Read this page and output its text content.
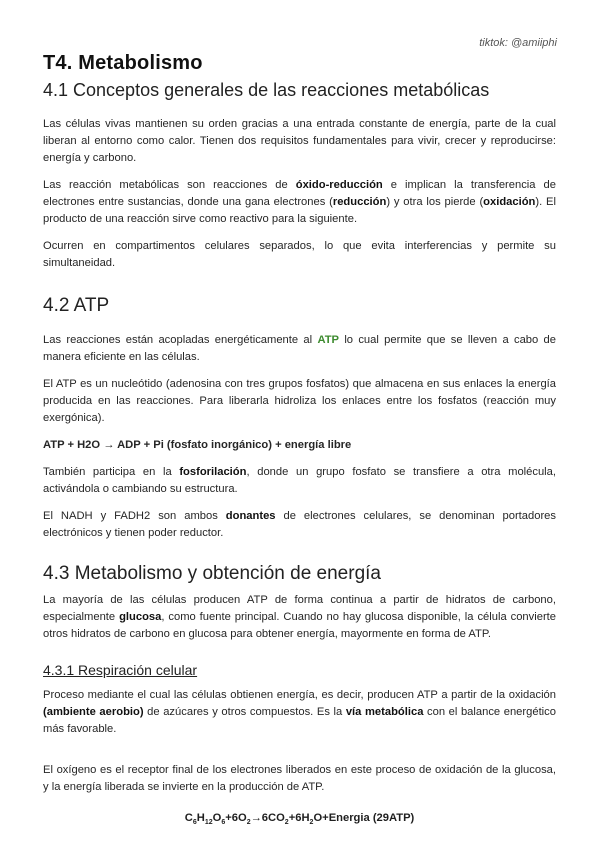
tiktok: @amiiphi
T4. Metabolismo
4.1 Conceptos generales de las reacciones metabólicas

Las células vivas mantienen su orden gracias a una entrada constante de energía, parte de la cual liberan al entorno como calor. Tienen dos requisitos fundamentales para vivir, crecer y reproducirse: energía y carbono.

Las reacción metabólicas son reacciones de óxido-reducción e implican la transferencia de electrones entre sustancias, donde una gana electrones (reducción) y otra los pierde (oxidación). El producto de una reacción sirve como reactivo para la siguiente.

Ocurren en compartimentos celulares separados, lo que evita interferencias y permite su simultaneidad.

4.2 ATP

Las reacciones están acopladas energéticamente al ATP lo cual permite que se lleven a cabo de manera eficiente en las células.

El ATP es un nucleótido (adenosina con tres grupos fosfatos) que almacena en sus enlaces la energía producida en las reacciones. Para liberarla hidroliza los enlaces entre los fosfatos (reacción muy exergónica).

ATP + H2O → ADP + Pi (fosfato inorgánico) + energía libre

También participa en la fosforilación, donde un grupo fosfato se transfiere a otra molécula, activándola o cambiando su estructura.

El NADH y FADH2 son ambos donantes de electrones celulares, se denominan portadores electrónicos y tienen poder reductor.

4.3 Metabolismo y obtención de energía

La mayoría de las células producen ATP de forma continua a partir de hidratos de carbono, especialmente glucosa, como fuente principal. Cuando no hay glucosa disponible, la célula convierte otros hidratos de carbono en glucosa para obtener energía, mayormente en forma de ATP.

4.3.1 Respiración celular

Proceso mediante el cual las células obtienen energía, es decir, producen ATP a partir de la oxidación (ambiente aerobio) de azúcares y otros compuestos. Es la vía metabólica con el balance energético más favorable.

El oxígeno es el receptor final de los electrones liberados en este proceso de oxidación de la glucosa, y la energía liberada se invierte en la producción de ATP.

$C_6H_{12}O_6+6O_2\to 6CO_2+6H_2O+Energia$ (29ATP)
